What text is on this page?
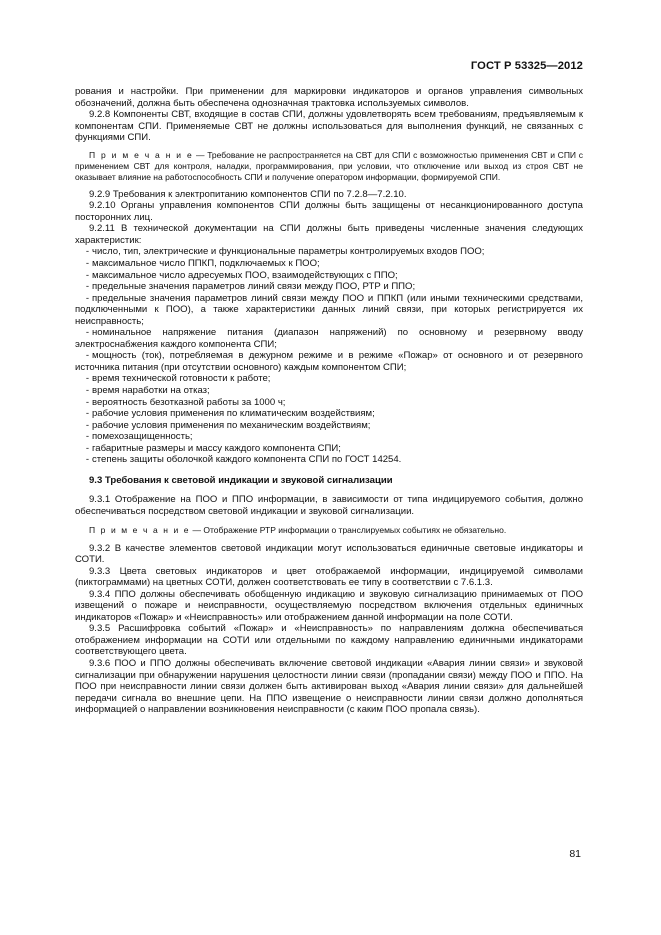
ГОСТ Р 53325—2012

рования и настройки. При применении для маркировки индикаторов и органов управления символьных обозначений, должна быть обеспечена однозначная трактовка используемых символов.

9.2.8 Компоненты СВТ, входящие в состав СПИ, должны удовлетворять всем требованиям, предъявляемым к компонентам СПИ. Применяемые СВТ не должны использоваться для выполнения функций, не связанных с функциями СПИ.

П р и м е ч а н и е — Требование не распространяется на СВТ для СПИ с возможностью применения СВТ и СПИ с применением СВТ для контроля, наладки, программирования, при условии, что отключение или выход из строя СВТ не оказывает влияние на работоспособность СПИ и получение оператором информации, формируемой СПИ.

9.2.9 Требования к электропитанию компонентов СПИ по 7.2.8—7.2.10.

9.2.10 Органы управления компонентов СПИ должны быть защищены от несанкционированного доступа посторонних лиц.

9.2.11 В технической документации на СПИ должны быть приведены численные значения следующих характеристик:

- число, тип, электрические и функциональные параметры контролируемых входов ПОО;

- максимальное число ППКП, подключаемых к ПОО;

- максимальное число адресуемых ПОО, взаимодействующих с ППО;

- предельные значения параметров линий связи между ПОО, РТР и ППО;

- предельные значения параметров линий связи между ПОО и ППКП (или иными техническими средствами, подключенными к ПОО), а также характеристики данных линий связи, при которых регистрируется их неисправность;

- номинальное напряжение питания (диапазон напряжений) по основному и резервному вводу электроснабжения каждого компонента СПИ;

- мощность (ток), потребляемая в дежурном режиме и в режиме «Пожар» от основного и от резервного источника питания (при отсутствии основного) каждым компонентом СПИ;

- время технической готовности к работе;

- время наработки на отказ;

- вероятность безотказной работы за 1000 ч;

- рабочие условия применения по климатическим воздействиям;

- рабочие условия применения по механическим воздействиям;

- помехозащищенность;

- габаритные размеры и массу каждого компонента СПИ;

- степень защиты оболочкой каждого компонента СПИ по ГОСТ 14254.

9.3 Требования к световой индикации и звуковой сигнализации

9.3.1 Отображение на ПОО и ППО информации, в зависимости от типа индицируемого события, должно обеспечиваться посредством световой индикации и звуковой сигнализации.

П р и м е ч а н и е — Отображение РТР информации о транслируемых событиях не обязательно.

9.3.2 В качестве элементов световой индикации могут использоваться единичные световые индикаторы и СОТИ.

9.3.3 Цвета световых индикаторов и цвет отображаемой информации, индицируемой символами (пиктограммами) на цветных СОТИ, должен соответствовать ее типу в соответствии с 7.6.1.3.

9.3.4 ППО должны обеспечивать обобщенную индикацию и звуковую сигнализацию принимаемых от ПОО извещений о пожаре и неисправности, осуществляемую посредством включения отдельных единичных индикаторов «Пожар» и «Неисправность» или отображением данной информации на поле СОТИ.

9.3.5 Расшифровка событий «Пожар» и «Неисправность» по направлениям должна обеспечиваться отображением информации на СОТИ или отдельными по каждому направлению единичными индикаторами соответствующего цвета.

9.3.6 ПОО и ППО должны обеспечивать включение световой индикации «Авария линии связи» и звуковой сигнализации при обнаружении нарушения целостности линии связи (пропадании связи) между ПОО и ППО. На ПОО при неисправности линии связи должен быть активирован выход «Авария линии связи» для дальнейшей передачи сигнала во внешние цепи. На ППО извещение о неисправности линии связи должно дополняться информацией о направлении возникновения неисправности (с каким ПОО пропала связь).

81
